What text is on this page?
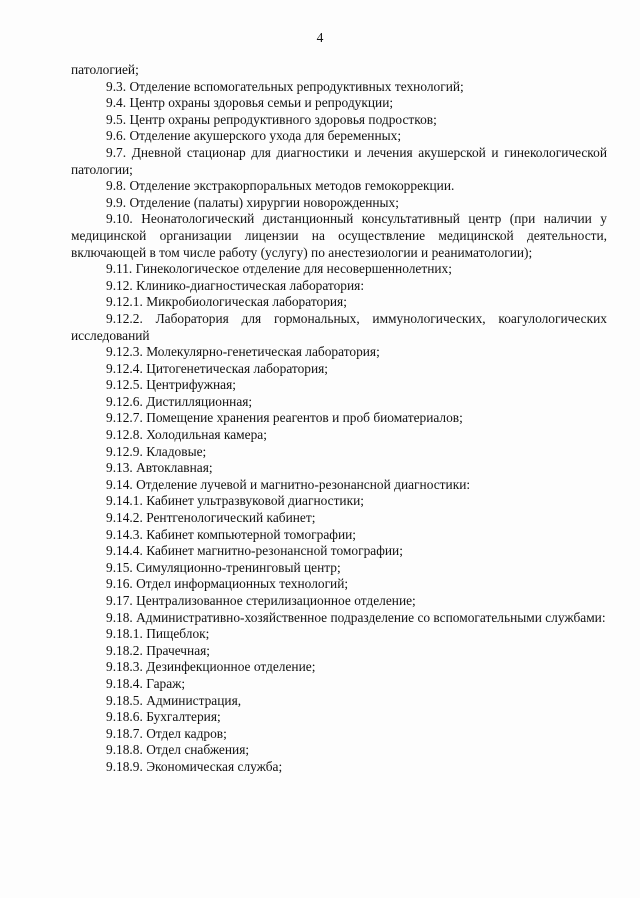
4
патологией;
9.3. Отделение вспомогательных репродуктивных технологий;
9.4. Центр охраны здоровья семьи и репродукции;
9.5. Центр охраны репродуктивного здоровья подростков;
9.6. Отделение акушерского ухода для беременных;
9.7. Дневной стационар для диагностики и лечения акушерской и гинекологической патологии;
9.8. Отделение экстракорпоральных методов гемокоррекции.
9.9. Отделение (палаты) хирургии новорожденных;
9.10. Неонатологический дистанционный консультативный центр (при наличии у медицинской организации лицензии на осуществление медицинской деятельности, включающей в том числе работу (услугу) по анестезиологии и реаниматологии);
9.11. Гинекологическое отделение для несовершеннолетних;
9.12. Клинико-диагностическая лаборатория:
9.12.1. Микробиологическая лаборатория;
9.12.2. Лаборатория для гормональных, иммунологических, коагулологических исследований
9.12.3. Молекулярно-генетическая лаборатория;
9.12.4. Цитогенетическая лаборатория;
9.12.5. Центрифужная;
9.12.6. Дистилляционная;
9.12.7. Помещение хранения реагентов и проб биоматериалов;
9.12.8. Холодильная камера;
9.12.9. Кладовые;
9.13. Автоклавная;
9.14. Отделение лучевой и магнитно-резонансной диагностики:
9.14.1. Кабинет ультразвуковой диагностики;
9.14.2. Рентгенологический кабинет;
9.14.3. Кабинет компьютерной томографии;
9.14.4. Кабинет магнитно-резонансной томографии;
9.15. Симуляционно-тренинговый центр;
9.16. Отдел информационных технологий;
9.17. Централизованное стерилизационное отделение;
9.18. Административно-хозяйственное подразделение со вспомогательными службами:
9.18.1. Пищеблок;
9.18.2. Прачечная;
9.18.3. Дезинфекционное отделение;
9.18.4. Гараж;
9.18.5. Администрация,
9.18.6. Бухгалтерия;
9.18.7. Отдел кадров;
9.18.8. Отдел снабжения;
9.18.9. Экономическая служба;
